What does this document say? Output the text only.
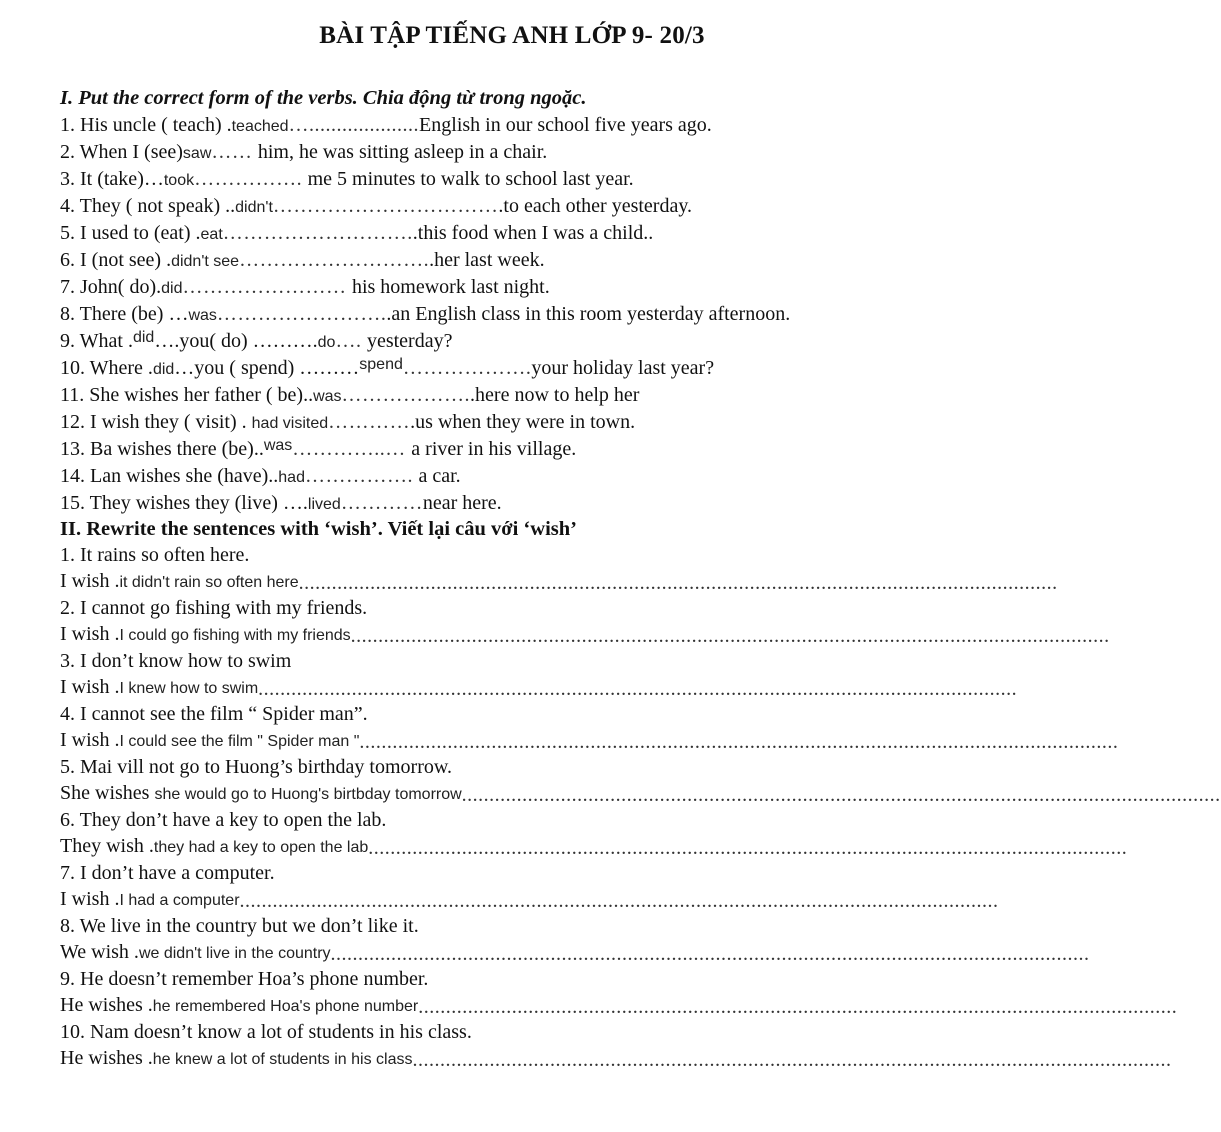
BÀI TẬP TIẾNG ANH LỚP 9- 20/3
I. Put the correct form of the verbs. Chia động từ trong ngoặc.
1. His uncle ( teach) .teached…....................English in our school five years ago.
2. When I (see)saw…… him, he was sitting asleep in a chair.
3. It (take)…took……………. me 5 minutes to walk to school last year.
4. They ( not speak) ..didn't…………………………….to each other yesterday.
5. I used to (eat) .eat………………………..this food when I was a child..
6. I (not see) .didn't see………………………..her last week.
7. John( do).did…………………… his homework last night.
8. There (be) …was……………………..an English class in this room yesterday afternoon.
9. What .$^{did}$….you( do) ……….do…. yesterday?
10. Where .did…you ( spend) ………$^{spend}$……………….your holiday last year?
11. She wishes her father ( be)..was………………..here now to help her
12. I wish they ( visit) . had visited………….us when they were in town.
13. Ba wishes there (be)..$^{was}$…………..… a river in his village.
14. Lan wishes she (have)..had……………. a car.
15. They wishes they (live) ….lived…………near here.
II. Rewrite the sentences with ‘wish’. Viết lại câu với ‘wish’
1. It rains so often here.
I wish .it didn't rain so often here..........................................................................................................................................
2. I cannot go fishing with my friends.
I wish .I could go fishing with my friends..........................................................................................................................................
3. I don’t know how to swim
I wish .I knew how to swim..........................................................................................................................................
4. I cannot see the film “ Spider man”.
I wish .I could see the film " Spider man "..........................................................................................................................................
5. Mai vill not go to Huong’s birthday tomorrow.
She wishes she would go to Huong's birtbday tomorrow..........................................................................................................................................
6. They don’t have a key to open the lab.
They wish .they had a key to open the lab..........................................................................................................................................
7. I don’t have a computer.
I wish .I had a computer..........................................................................................................................................
8. We live in the country but we don’t like it.
We wish .we didn't live in the country..........................................................................................................................................
9. He doesn’t remember Hoa’s phone number.
He wishes .he remembered Hoa's phone number..........................................................................................................................................
10. Nam doesn’t know a lot of students in his class.
He wishes .he knew a lot of students in his class..........................................................................................................................................
